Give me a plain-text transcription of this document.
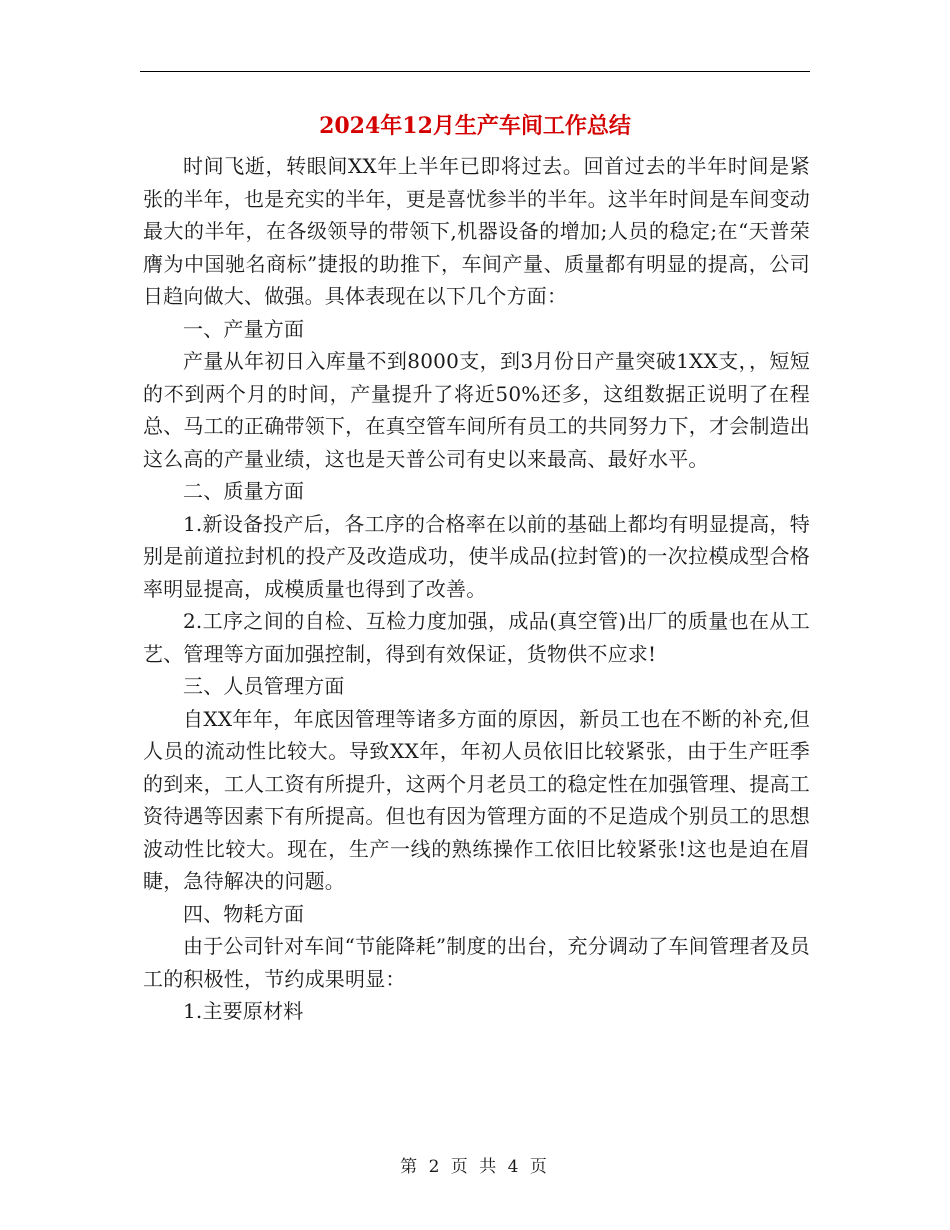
2024年12月生产车间工作总结

时间飞逝，转眼间XX年上半年已即将过去。回首过去的半年时间是紧张的半年，也是充实的半年，更是喜忧参半的半年。这半年时间是车间变动最大的半年，在各级领导的带领下,机器设备的增加;人员的稳定;在“天普荣膺为中国驰名商标”捷报的助推下，车间产量、质量都有明显的提高，公司日趋向做大、做强。具体表现在以下几个方面：

一、产量方面

产量从年初日入库量不到8000支，到3月份日产量突破1XX支，，短短的不到两个月的时间，产量提升了将近50%还多，这组数据正说明了在程总、马工的正确带领下，在真空管车间所有员工的共同努力下，才会制造出这么高的产量业绩，这也是天普公司有史以来最高、最好水平。

二、质量方面

1.新设备投产后，各工序的合格率在以前的基础上都均有明显提高，特别是前道拉封机的投产及改造成功，使半成品(拉封管)的一次拉模成型合格率明显提高，成模质量也得到了改善。

2.工序之间的自检、互检力度加强，成品(真空管)出厂的质量也在从工艺、管理等方面加强控制，得到有效保证，货物供不应求!

三、人员管理方面

自XX年年，年底因管理等诸多方面的原因，新员工也在不断的补充,但人员的流动性比较大。导致XX年，年初人员依旧比较紧张，由于生产旺季的到来，工人工资有所提升，这两个月老员工的稳定性在加强管理、提高工资待遇等因素下有所提高。但也有因为管理方面的不足造成个别员工的思想波动性比较大。现在，生产一线的熟练操作工依旧比较紧张!这也是迫在眉睫，急待解决的问题。

四、物耗方面

由于公司针对车间“节能降耗”制度的出台，充分调动了车间管理者及员工的积极性，节约成果明显：

1.主要原材料

第 2 页 共 4 页
